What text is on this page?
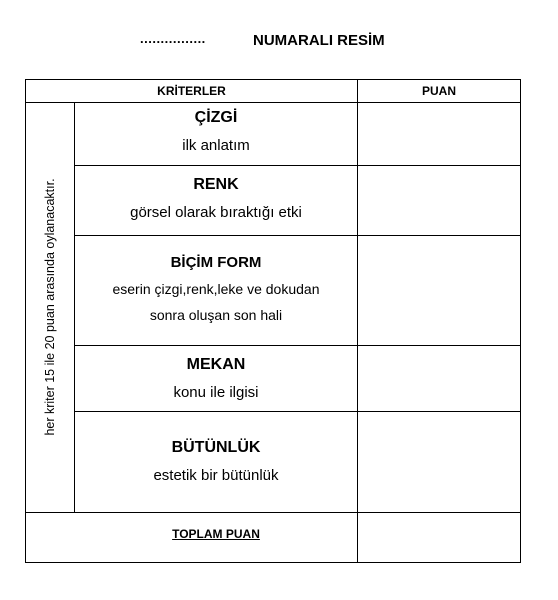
................	NUMARALI RESİM
KRİTERLER	PUAN
her kriter 15 ile 20 puan arasında oylanacaktır.
ÇİZGİ
ilk anlatım
RENK
görsel olarak bıraktığı etki
BİÇİM FORM
eserin çizgi,renk,leke ve dokudan
sonra oluşan son hali
MEKAN
konu ile ilgisi
BÜTÜNLÜK
estetik bir bütünlük
TOPLAM PUAN
